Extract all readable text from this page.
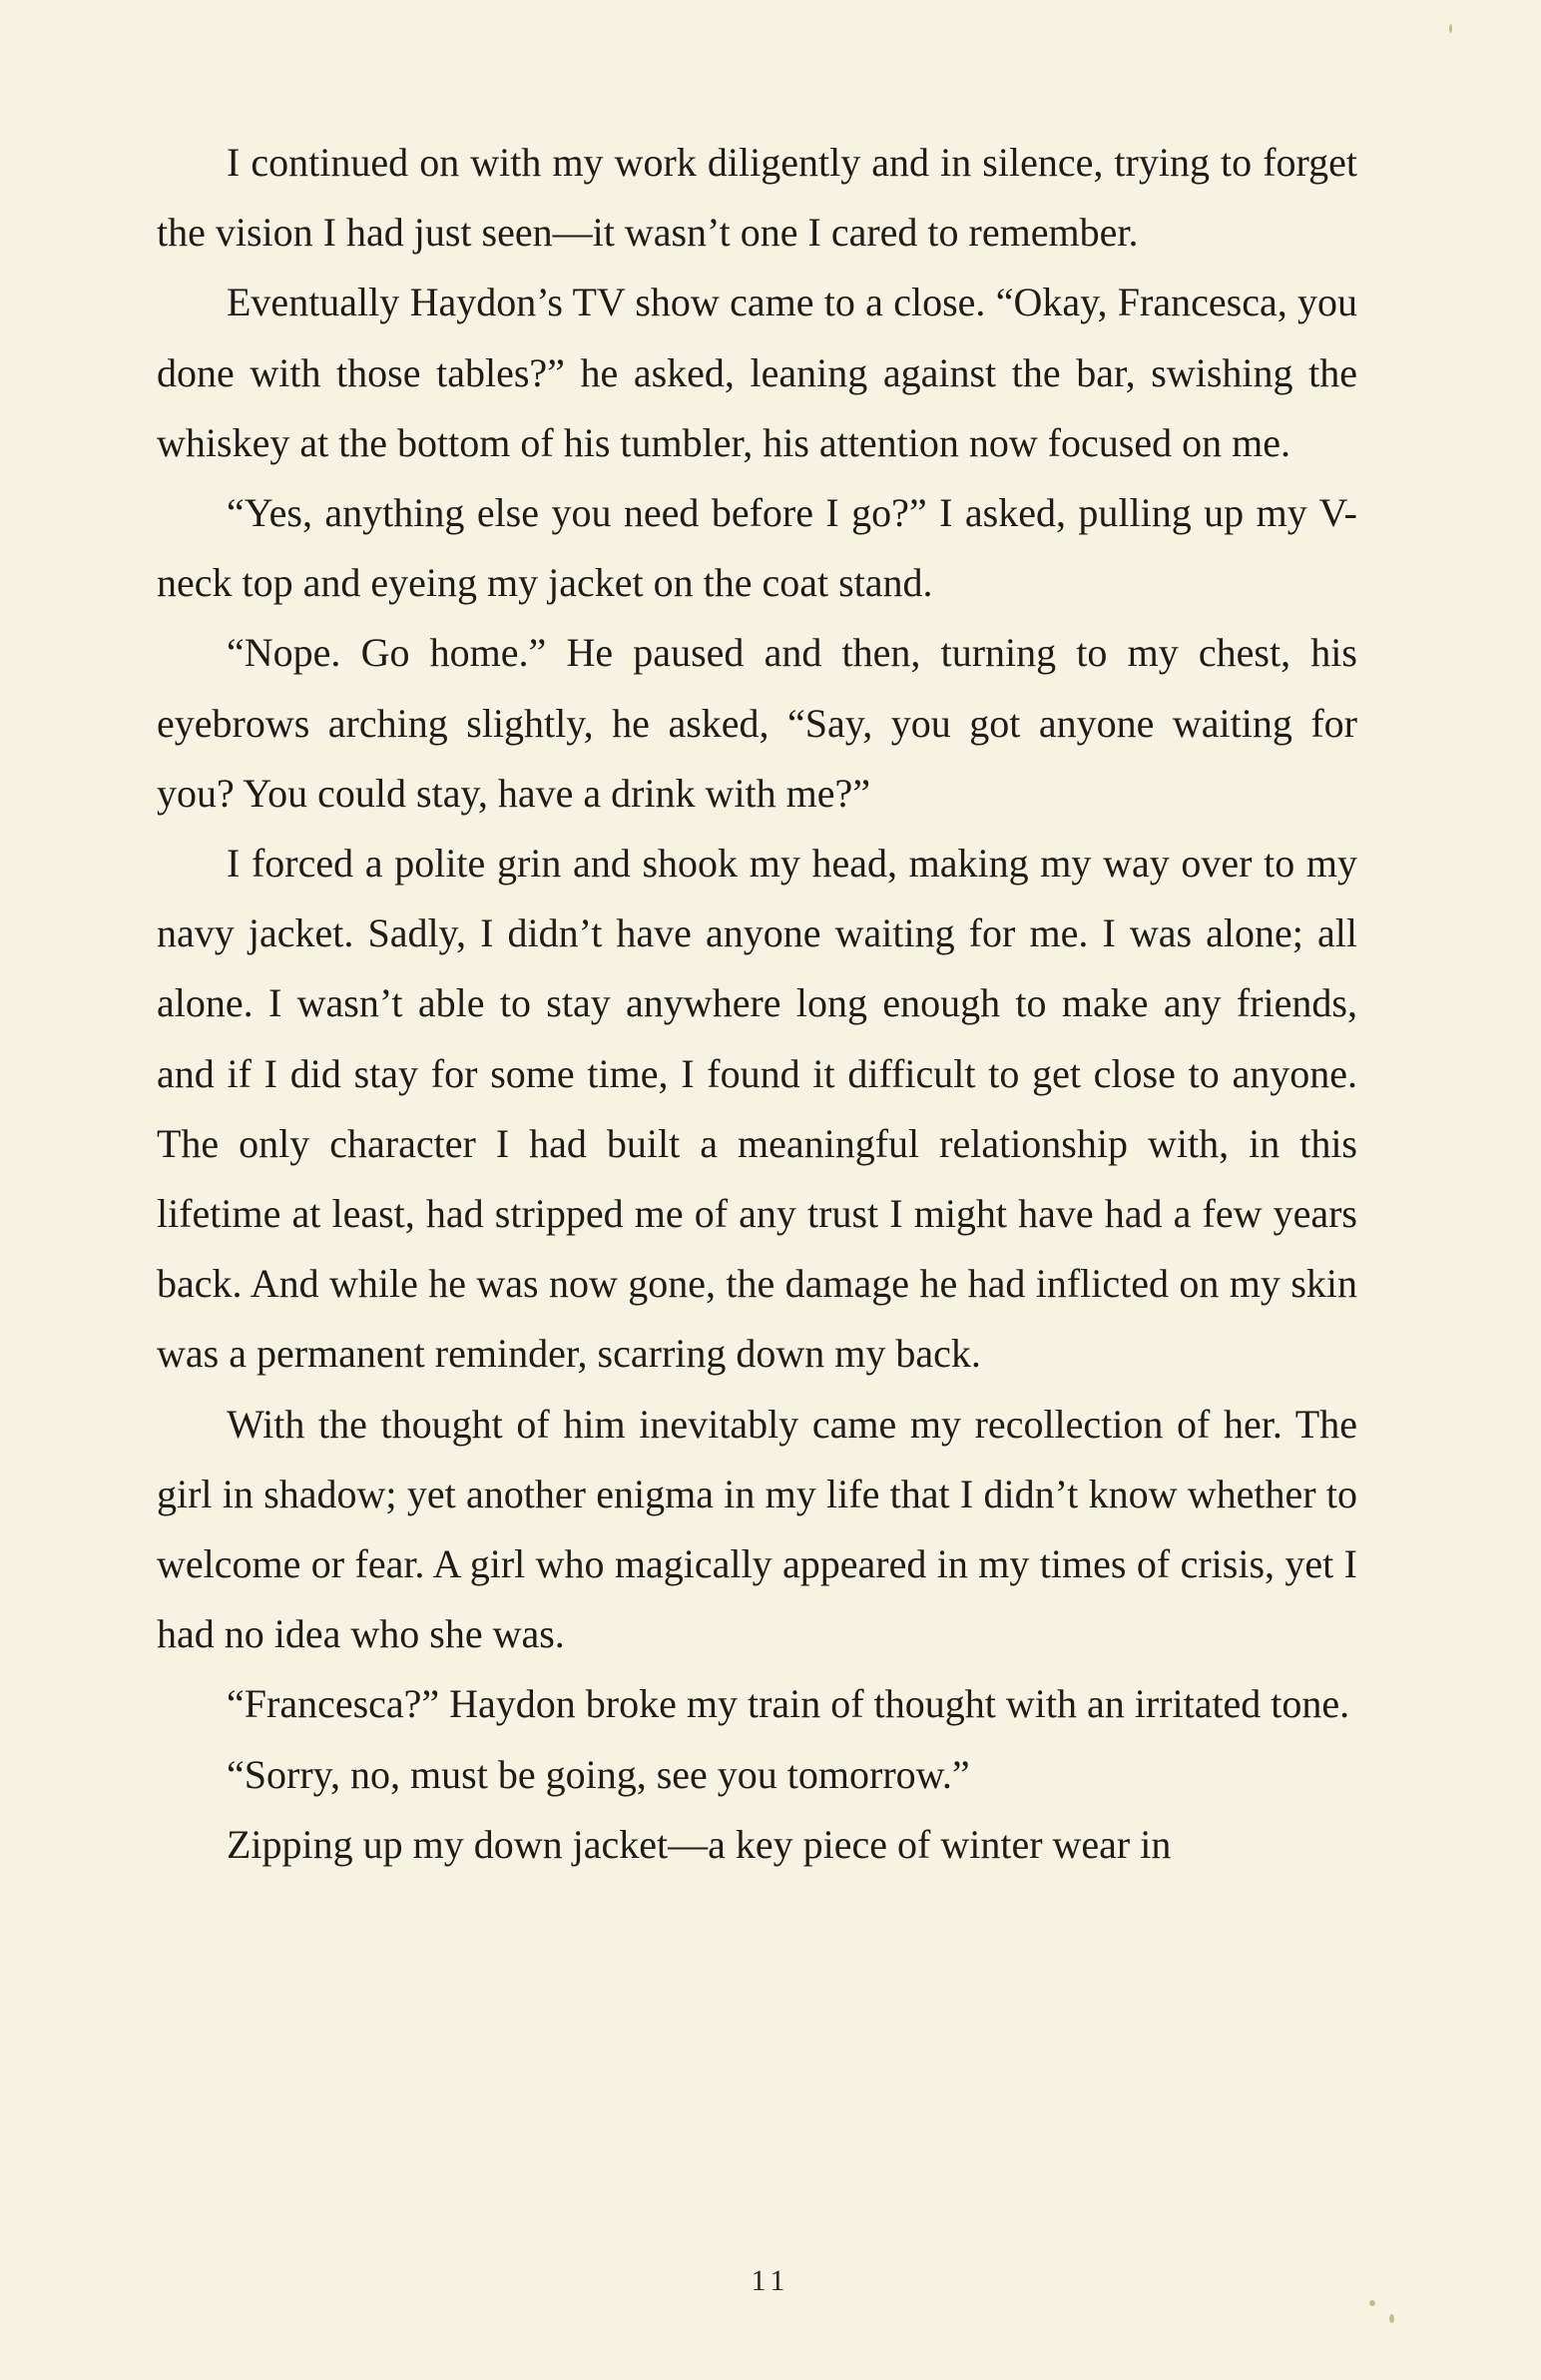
I continued on with my work diligently and in silence, trying to forget the vision I had just seen—it wasn’t one I cared to remember.

Eventually Haydon’s TV show came to a close. “Okay, Francesca, you done with those tables?” he asked, leaning against the bar, swishing the whiskey at the bottom of his tumbler, his attention now focused on me.

“Yes, anything else you need before I go?” I asked, pulling up my V-neck top and eyeing my jacket on the coat stand.

“Nope. Go home.” He paused and then, turning to my chest, his eyebrows arching slightly, he asked, “Say, you got anyone waiting for you? You could stay, have a drink with me?”

I forced a polite grin and shook my head, making my way over to my navy jacket. Sadly, I didn’t have anyone waiting for me. I was alone; all alone. I wasn’t able to stay anywhere long enough to make any friends, and if I did stay for some time, I found it difficult to get close to anyone. The only character I had built a meaningful relationship with, in this lifetime at least, had stripped me of any trust I might have had a few years back. And while he was now gone, the damage he had inflicted on my skin was a permanent reminder, scarring down my back.

With the thought of him inevitably came my recollection of her. The girl in shadow; yet another enigma in my life that I didn’t know whether to welcome or fear. A girl who magically appeared in my times of crisis, yet I had no idea who she was.

“Francesca?” Haydon broke my train of thought with an irritated tone.

“Sorry, no, must be going, see you tomorrow.”

Zipping up my down jacket—a key piece of winter wear in

11
